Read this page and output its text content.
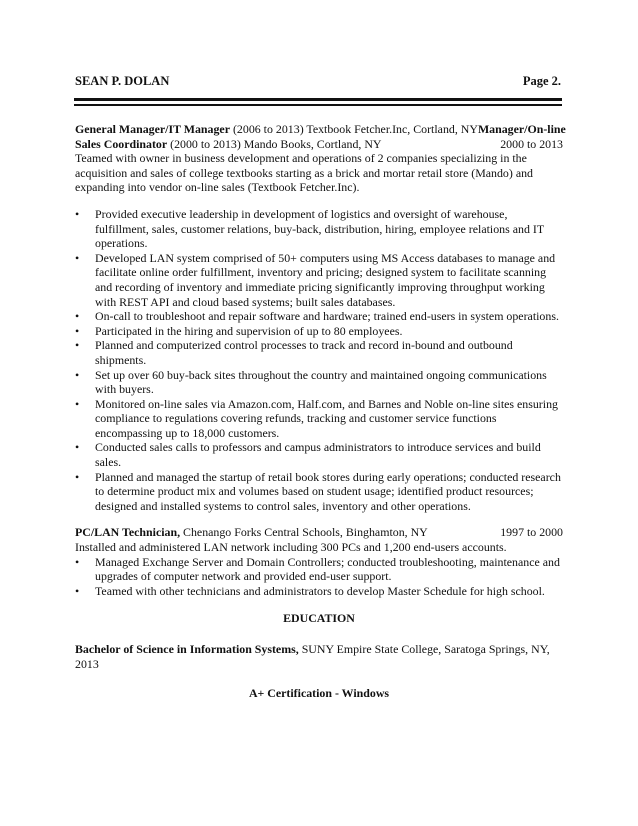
SEAN P. DOLAN	Page 2.
General Manager/IT Manager (2006 to 2013) Textbook Fetcher.Inc, Cortland, NY Manager/On-line
Sales Coordinator (2000 to 2013) Mando Books, Cortland, NY	2000 to 2013

Teamed with owner in business development and operations of 2 companies specializing in the acquisition and sales of college textbooks starting as a brick and mortar retail store (Mando) and expanding into vendor on-line sales (Textbook Fetcher.Inc).

• Provided executive leadership in development of logistics and oversight of warehouse, fulfillment, sales, customer relations, buy-back, distribution, hiring, employee relations and IT operations.
• Developed LAN system comprised of 50+ computers using MS Access databases to manage and facilitate online order fulfillment, inventory and pricing; designed system to facilitate scanning and recording of inventory and immediate pricing significantly improving throughput working with REST API and cloud based systems; built sales databases.
• On-call to troubleshoot and repair software and hardware; trained end-users in system operations.
• Participated in the hiring and supervision of up to 80 employees.
• Planned and computerized control processes to track and record in-bound and outbound shipments.
• Set up over 60 buy-back sites throughout the country and maintained ongoing communications with buyers.
• Monitored on-line sales via Amazon.com, Half.com, and Barnes and Noble on-line sites ensuring compliance to regulations covering refunds, tracking and customer service functions encompassing up to 18,000 customers.
• Conducted sales calls to professors and campus administrators to introduce services and build sales.
• Planned and managed the startup of retail book stores during early operations; conducted research to determine product mix and volumes based on student usage; identified product resources; designed and installed systems to control sales, inventory and other operations.
PC/LAN Technician, Chenango Forks Central Schools, Binghamton, NY	1997 to 2000

Installed and administered LAN network including 300 PCs and 1,200 end-users accounts.

• Managed Exchange Server and Domain Controllers; conducted troubleshooting, maintenance and upgrades of computer network and provided end-user support.
• Teamed with other technicians and administrators to develop Master Schedule for high school.
EDUCATION
Bachelor of Science in Information Systems, SUNY Empire State College, Saratoga Springs, NY, 2013
A+ Certification - Windows
